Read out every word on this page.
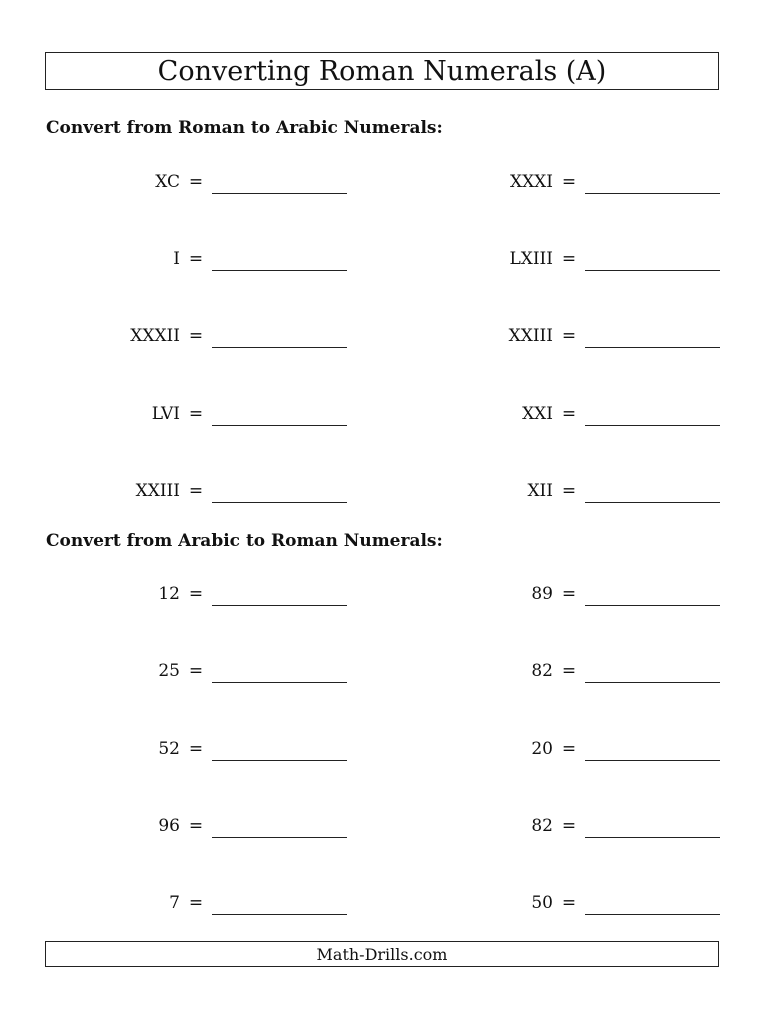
Converting Roman Numerals (A)
Convert from Roman to Arabic Numerals:
XC =
I =
XXXII =
LVI =
XXIII =
XXXI =
LXIII =
XXIII =
XXI =
XII =
Convert from Arabic to Roman Numerals:
12 =
25 =
52 =
96 =
7 =
89 =
82 =
20 =
82 =
50 =
Math-Drills.com
